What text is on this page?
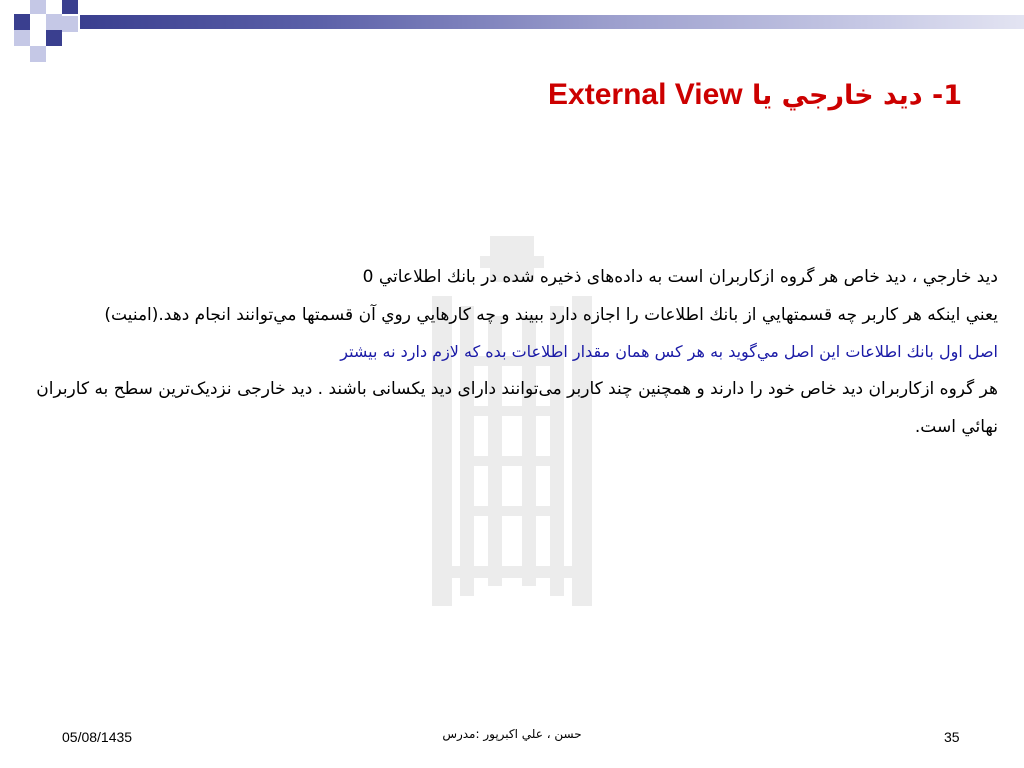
1- دید خارجي يا External View

ديد خارجي ، ديد خاص هر گروه ازكاربران است به داده‌های ذخيره شده در بانك اطلاعاتي 0

يعني اينكه هر كاربر چه قسمتهايي از بانك اطلاعات را اجازه دارد ببيند و چه كارهايي روي آن قسمتها مي‌توانند انجام دهد.(امنيت)

اصل اول بانك اطلاعات اين اصل مي‌گويد به هر كس همان مقدار اطلاعات بده كه لازم دارد نه بيشتر

هر گروه ازکاربران دید خاص خود را دارند و همچنین چند کاربر می‌توانند دارای دید یکسانی باشند . دید خارجی نزدیک‌ترین سطح به کاربران نهائي است.

05/08/1435	حسن ، علي اكبرپور :مدرس	35
